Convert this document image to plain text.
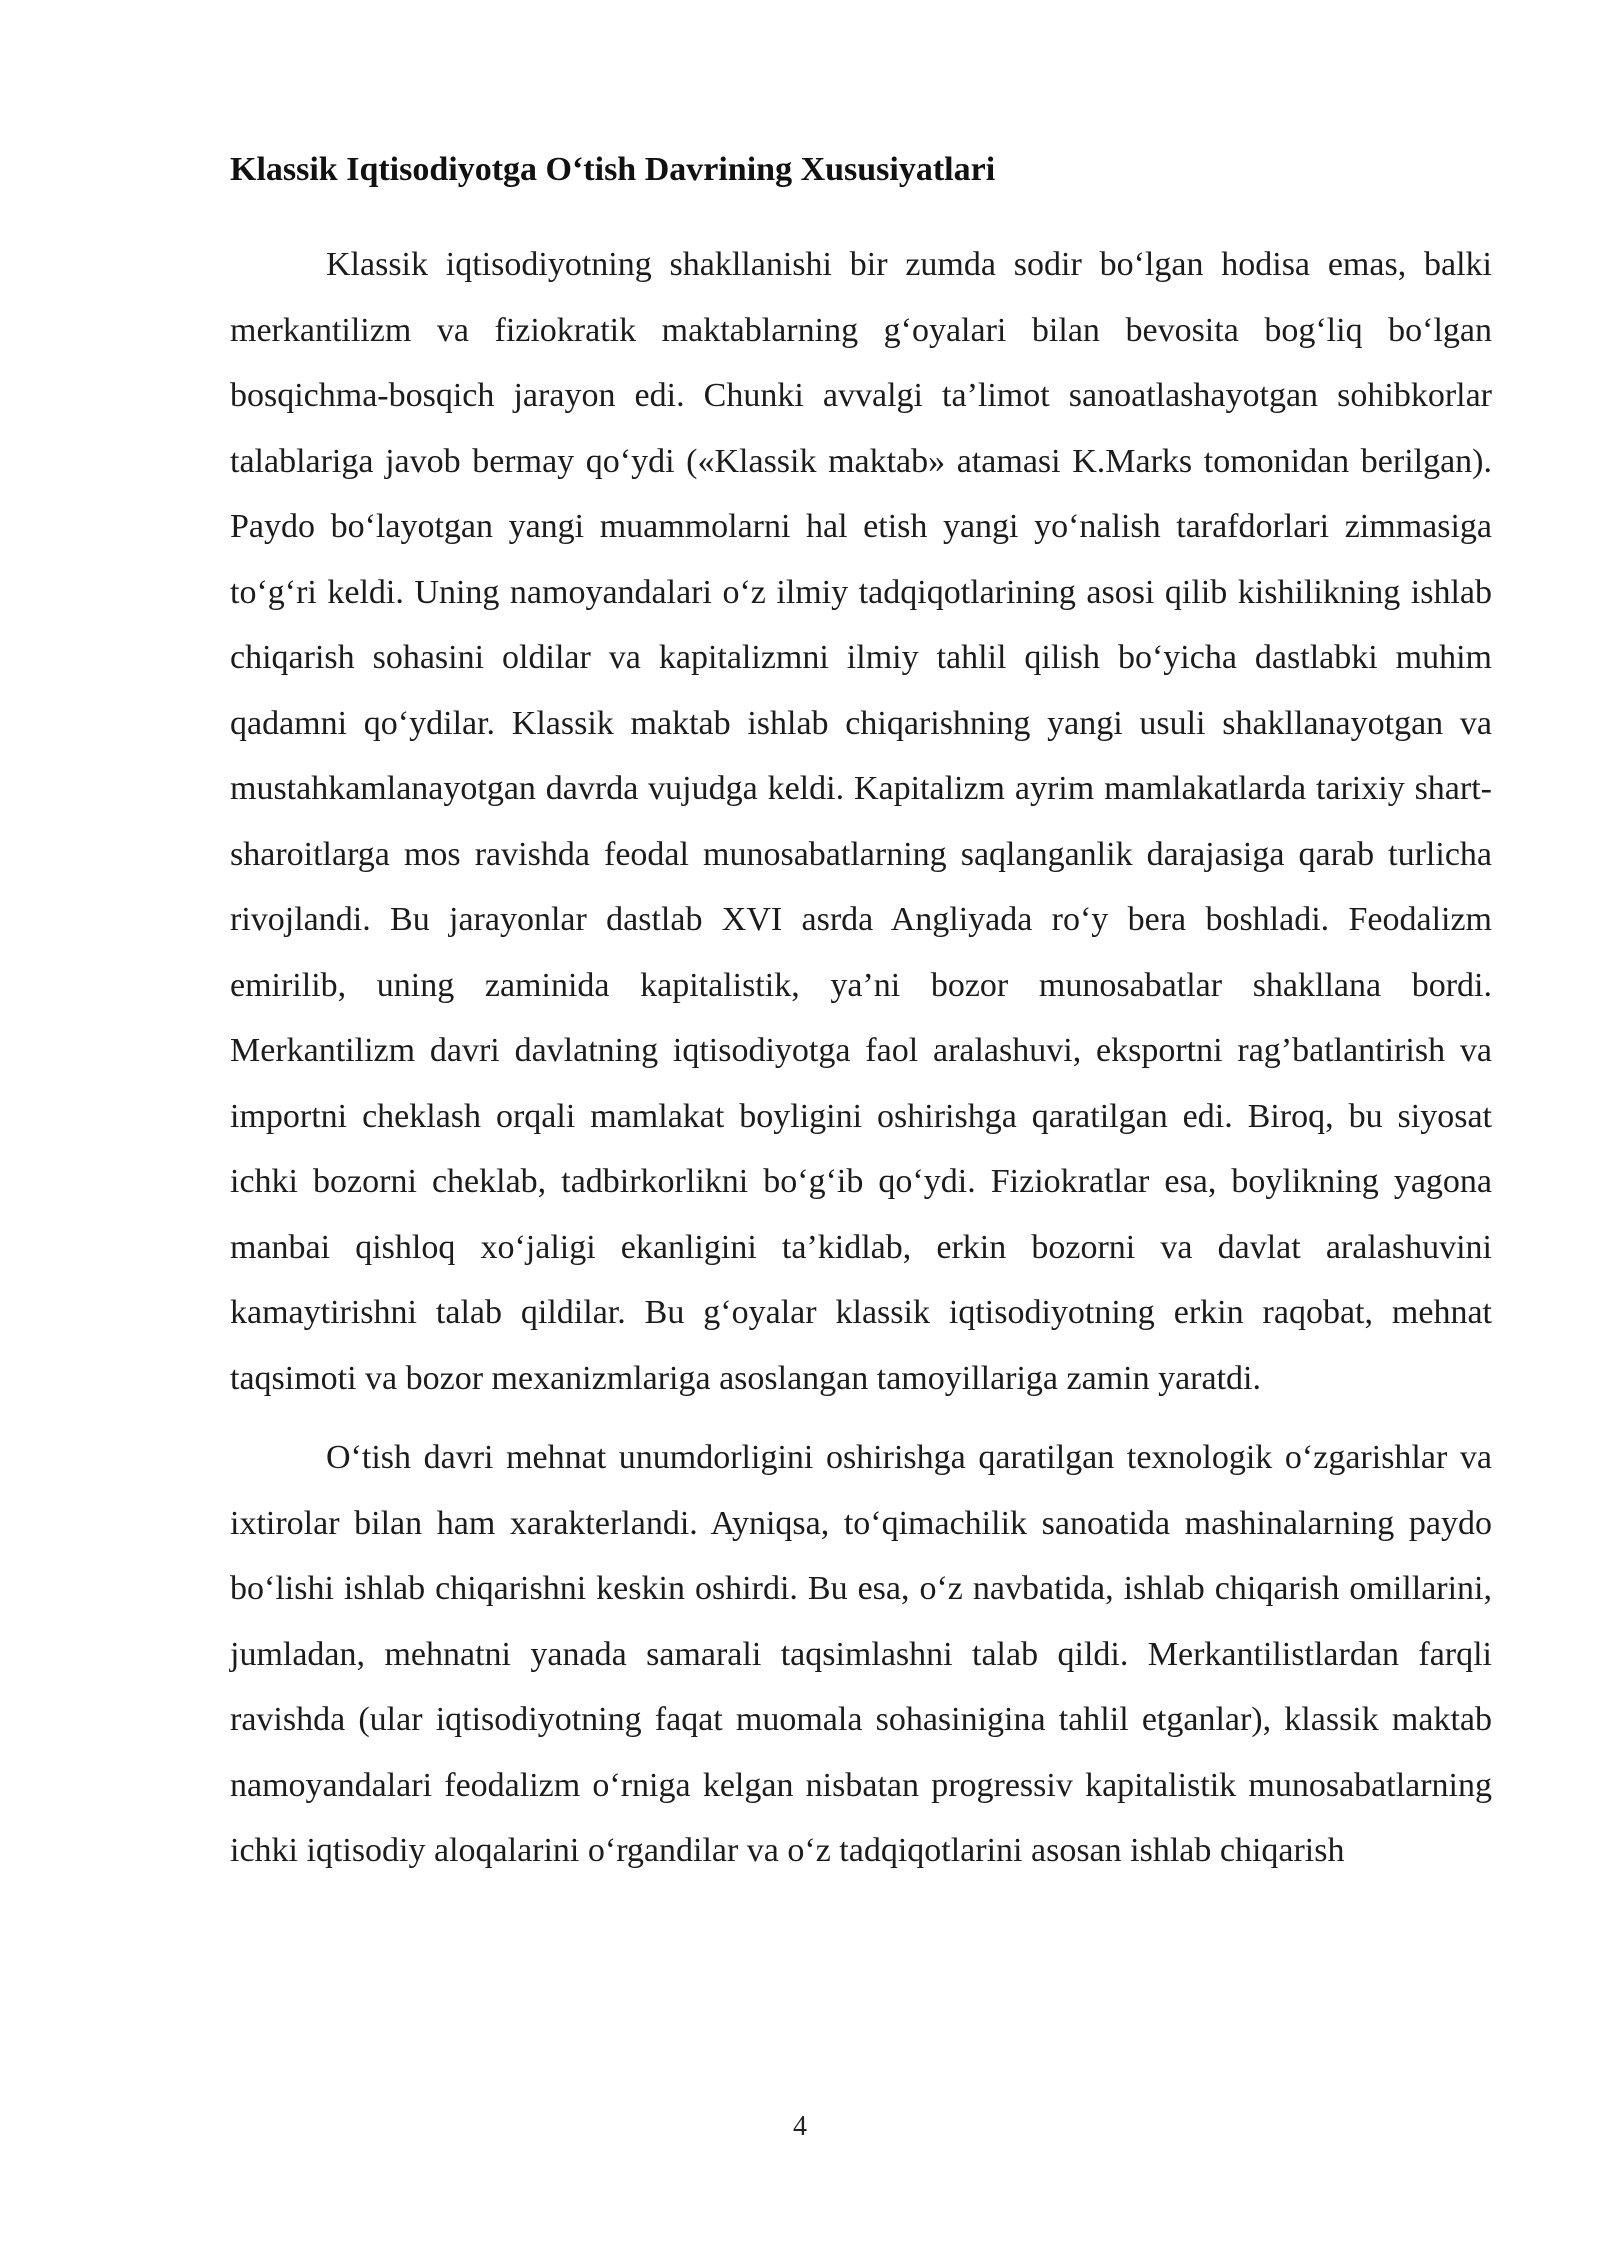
Klassik Iqtisodiyotga O‘tish Davrining Xususiyatlari

Klassik iqtisodiyotning shakllanishi bir zumda sodir bo‘lgan hodisa emas, balki merkantilizm va fiziokratik maktablarning g‘oyalari bilan bevosita bog‘liq bo‘lgan bosqichma-bosqich jarayon edi. Chunki avvalgi ta’limot sanoatlashayotgan sohibkorlar talablariga javob bermay qo‘ydi («Klassik maktab» atamasi K.Marks tomonidan berilgan). Paydo bo‘layotgan yangi muammolarni hal etish yangi yo‘nalish tarafdorlari zimmasiga to‘g‘ri keldi. Uning namoyandalari o‘z ilmiy tadqiqotlarining asosi qilib kishilikning ishlab chiqarish sohasini oldilar va kapitalizmni ilmiy tahlil qilish bo‘yicha dastlabki muhim qadamni qo‘ydilar. Klassik maktab ishlab chiqarishning yangi usuli shakllanayotgan va mustahkamlanayotgan davrda vujudga keldi. Kapitalizm ayrim mamlakatlarda tarixiy shart-sharoitlarga mos ravishda feodal munosabatlarning saqlanganlik darajasiga qarab turlicha rivojlandi. Bu jarayonlar dastlab XVI asrda Angliyada ro‘y bera boshladi. Feodalizm emirilib, uning zaminida kapitalistik, ya’ni bozor munosabatlar shakllana bordi. Merkantilizm davri davlatning iqtisodiyotga faol aralashuvi, eksportni rag’batlantirish va importni cheklash orqali mamlakat boyligini oshirishga qaratilgan edi. Biroq, bu siyosat ichki bozorni cheklab, tadbirkorlikni bo‘g‘ib qo‘ydi. Fiziokratlar esa, boylikning yagona manbai qishloq xo‘jaligi ekanligini ta’kidlab, erkin bozorni va davlat aralashuvini kamaytirishni talab qildilar. Bu g‘oyalar klassik iqtisodiyotning erkin raqobat, mehnat taqsimoti va bozor mexanizmlariga asoslangan tamoyillariga zamin yaratdi.

O‘tish davri mehnat unumdorligini oshirishga qaratilgan texnologik o‘zgarishlar va ixtirolar bilan ham xarakterlandi. Ayniqsa, to‘qimachilik sanoatida mashinalarning paydo bo‘lishi ishlab chiqarishni keskin oshirdi. Bu esa, o‘z navbatida, ishlab chiqarish omillarini, jumladan, mehnatni yanada samarali taqsimlashni talab qildi. Merkantilistlardan farqli ravishda (ular iqtisodiyotning faqat muomala sohasinigina tahlil etganlar), klassik maktab namoyandalari feodalizm o‘rniga kelgan nisbatan progressiv kapitalistik munosabatlarning ichki iqtisodiy aloqalarini o‘rgandilar va o‘z tadqiqotlarini asosan ishlab chiqarish

4
